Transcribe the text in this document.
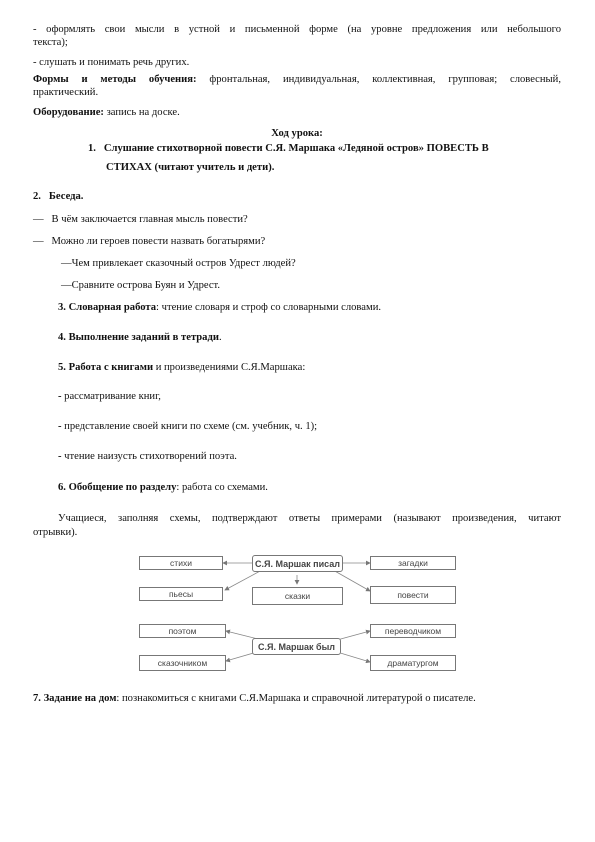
- оформлять свои мысли в устной и письменной форме (на уровне предложения или небольшого
текста);
- слушать и понимать речь других.
Формы и методы обучения: фронтальная, индивидуальная, коллективная, групповая; словесный,
практический.
Оборудование: запись на доске.
Ход урока:
1. Слушание стихотворной повести С.Я. Маршака «Ледяной остров» ПОВЕСТЬ В
СТИХАХ (читают учитель и дети).
2. Беседа.
— В чём заключается главная мысль повести?
— Можно ли героев повести назвать богатырями?
—Чем привлекает сказочный остров Удрест людей?
—Сравните острова Буян и Удрест.
3. Словарная работа: чтение словаря и строф со словарными словами.
4. Выполнение заданий в тетради.
5. Работа с книгами и произведениями С.Я.Маршака:
- рассматривание книг,
- представление своей книги по схеме (см. учебник, ч. 1);
- чтение наизусть стихотворений поэта.
6. Обобщение по разделу: работа со схемами.
Учащиеся, заполняя схемы, подтверждают ответы примерами (называют произведения, читают
отрывки).
стихи
пьесы
С.Я. Маршак писал
сказки
загадки
повести
поэтом
сказочником
С.Я. Маршак был
переводчиком
драматургом
7. Задание на дом: познакомиться с книгами С.Я.Маршака и справочной литературой о писателе.
